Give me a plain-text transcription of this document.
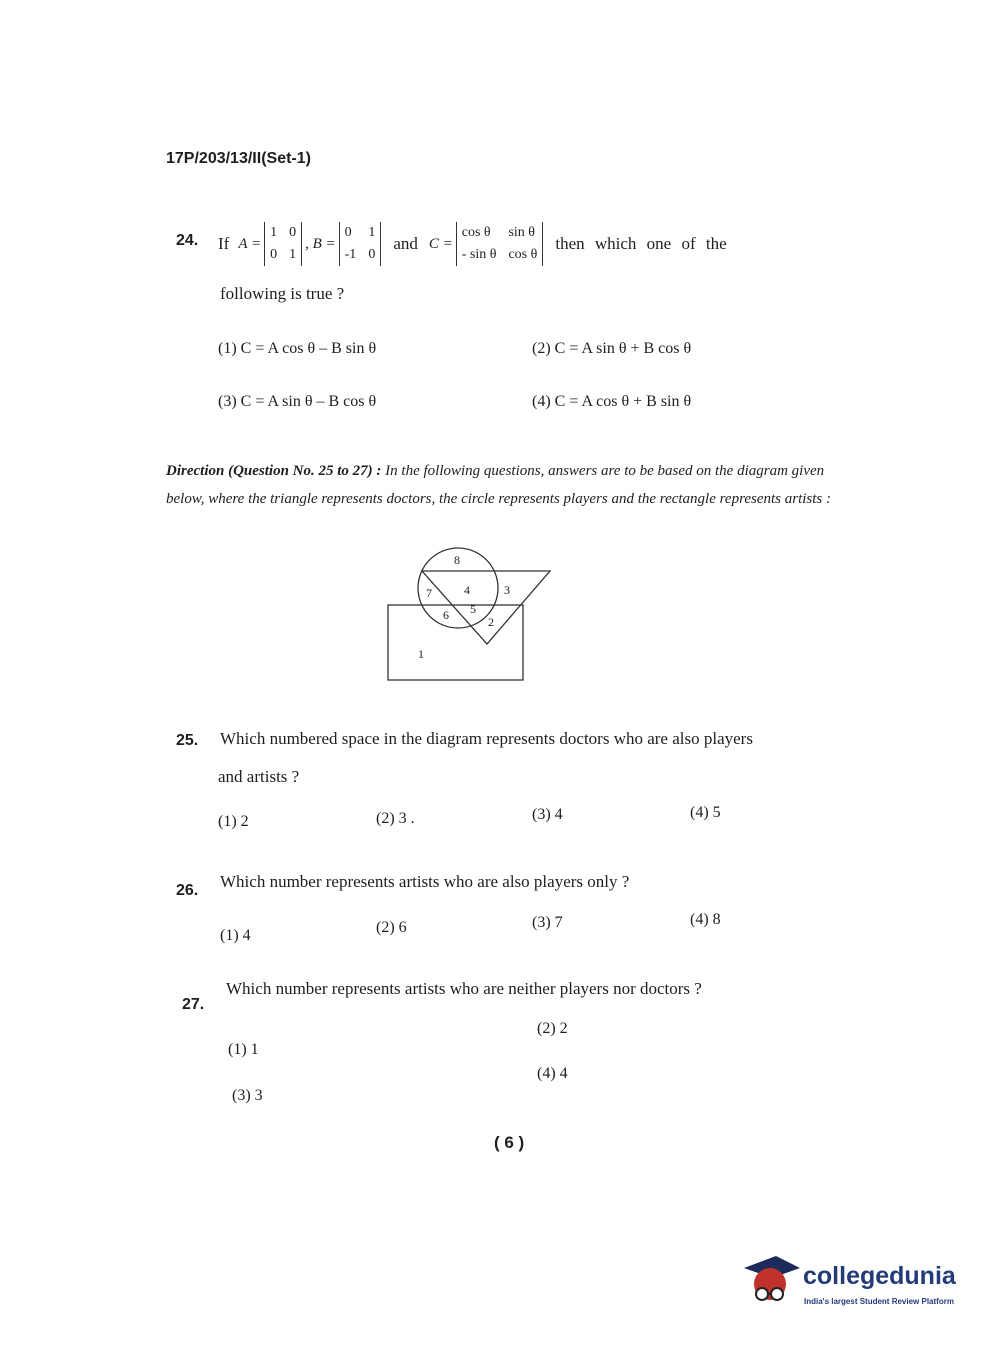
17P/203/13/II(Set-1)
24. If A =
1 0
0 1
, B =
0	1
-1 0
and C =
cos θ	sin θ
- sin θ cos θ
then which one of the
following is true ?
(1) C = A cos θ – B sin θ	(2) C = A sin θ + B cos θ
(3) C = A sin θ – B cos θ	(4) C = A cos θ + B sin θ
Direction (Question No. 25 to 27) : In the following questions, answers are to be based on the diagram given below, where the triangle represents doctors, the circle represents players and the rectangle represents artists :
8
4	3
7
6 5
2
1
25. Which numbered space in the diagram represents doctors who are also players
and artists ?
(1) 2	(2) 3 .	(3) 4	(4) 5
26. Which number represents artists who are also players only ?
(1) 4	(2) 6	(3) 7	(4) 8
27.
Which number represents artists who are neither players nor doctors ?
(1) 1
(2) 2
(3) 3
(4) 4
( 6 )
collegedunia
India's largest Student Review Platform
